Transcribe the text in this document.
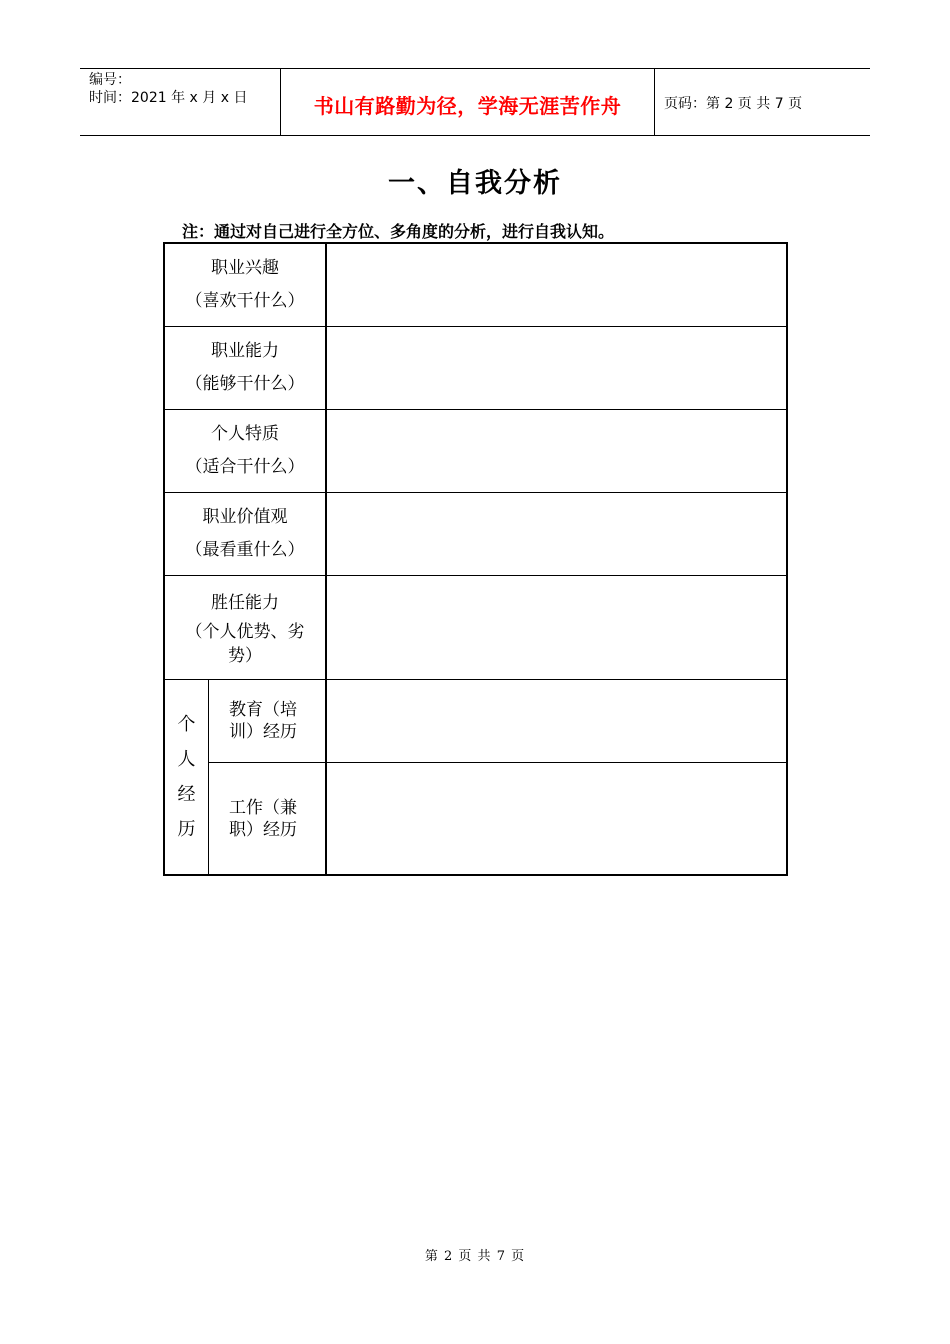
编号：
时间：2021 年 x 月 x 日	书山有路勤为径，学海无涯苦作舟	页码：第 2 页 共 7 页
一、自我分析
注：通过对自己进行全方位、多角度的分析，进行自我认知。
职业兴趣
（喜欢干什么）
职业能力
（能够干什么）
个人特质
（适合干什么）
职业价值观
（最看重什么）
胜任能力
（个人优势、劣势）
个
人
经
历
教育（培训）经历
工作（兼职）经历
第 2 页 共 7 页
